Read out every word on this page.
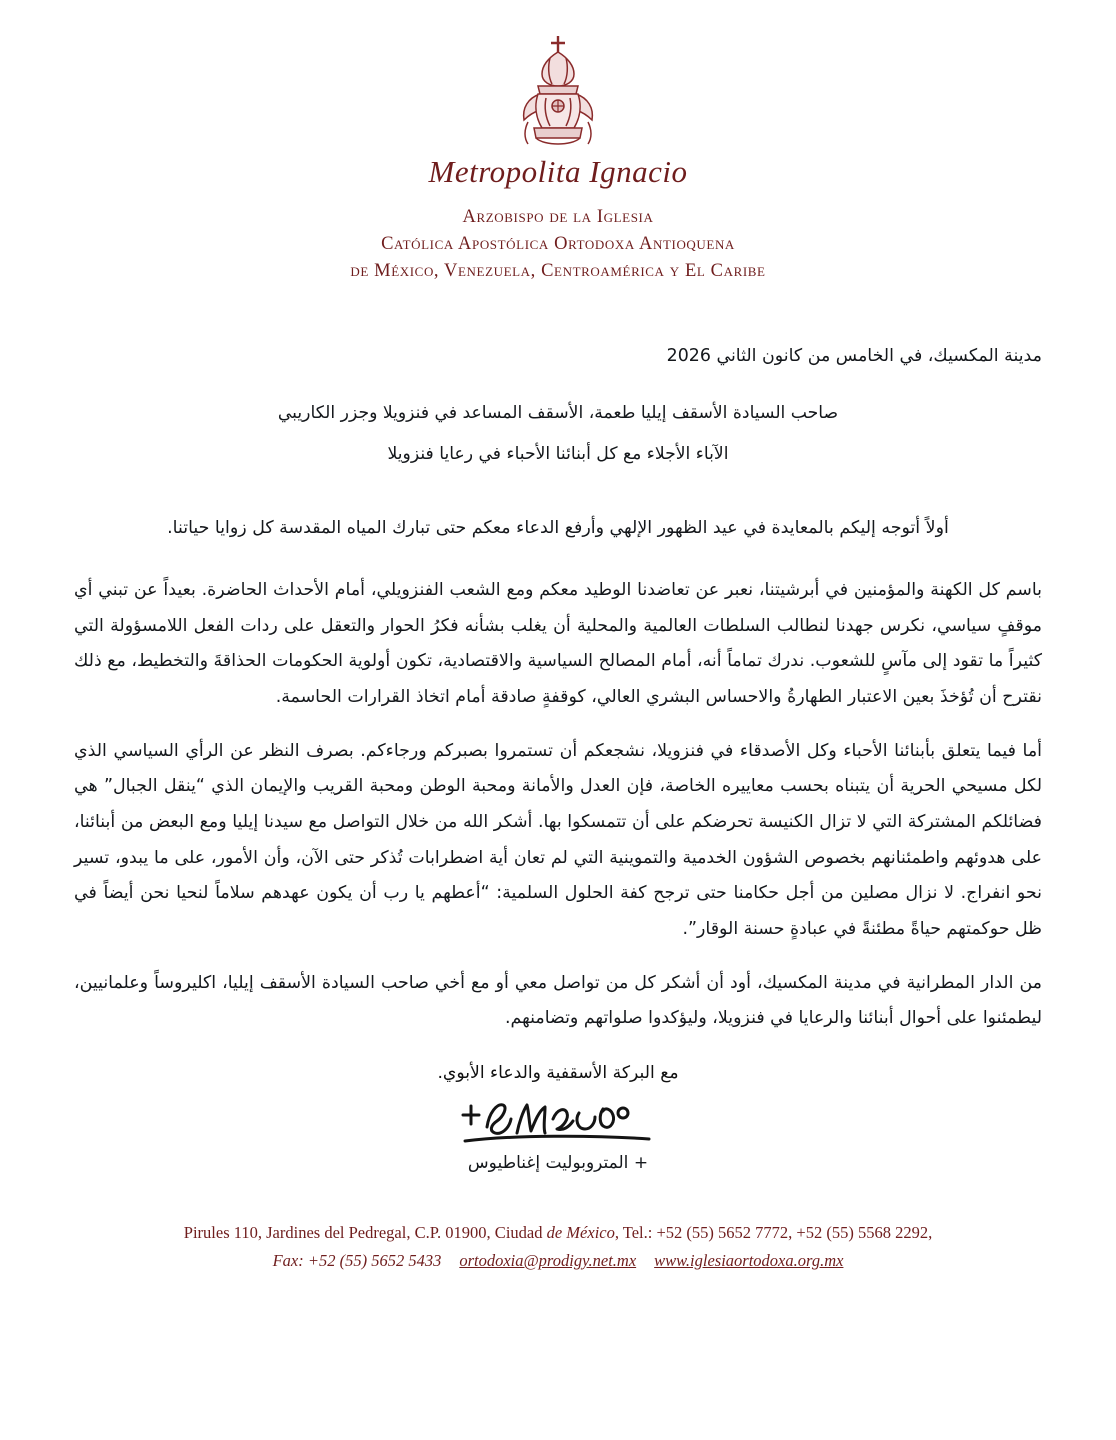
Metropolita Ignacio
Arzobispo de la Iglesia
Católica Apostólica Ortodoxa Antioquena
de México, Venezuela, Centroamérica y El Caribe
مدينة المكسيك، في الخامس من كانون الثاني 2026

صاحب السيادة الأسقف إيليا طعمة، الأسقف المساعد في فنزويلا وجزر الكاريبي

الآباء الأجلاء مع كل أبنائنا الأحباء في رعايا فنزويلا

أولاً أتوجه إليكم بالمعايدة في عيد الظهور الإلهي وأرفع الدعاء معكم حتى تبارك المياه المقدسة كل زوايا حياتنا.

باسم كل الكهنة والمؤمنين في أبرشيتنا، نعبر عن تعاضدنا الوطيد معكم ومع الشعب الفنزويلي، أمام الأحداث الحاضرة. بعيداً عن تبني أي موقفٍ سياسي، نكرس جهدنا لنطالب السلطات العالمية والمحلية أن يغلب بشأنه فكرُ الحوار والتعقل على ردات الفعل اللامسؤولة التي كثيراً ما تقود إلى مآسٍ للشعوب. ندرك تماماً أنه، أمام المصالح السياسية والاقتصادية، تكون أولوية الحكومات الحذاقةَ والتخطيط، مع ذلك نقترح أن تُؤخذَ بعين الاعتبار الطهارةُ والاحساس البشري العالي، كوقفةٍ صادقة أمام اتخاذ القرارات الحاسمة.

أما فيما يتعلق بأبنائنا الأحباء وكل الأصدقاء في فنزويلا، نشجعكم أن تستمروا بصبركم ورجاءكم. بصرف النظر عن الرأي السياسي الذي لكل مسيحي الحرية أن يتبناه بحسب معاييره الخاصة، فإن العدل والأمانة ومحبة الوطن ومحبة القريب والإيمان الذي “ينقل الجبال” هي فضائلكم المشتركة التي لا تزال الكنيسة تحرضكم على أن تتمسكوا بها. أشكر الله من خلال التواصل مع سيدنا إيليا ومع البعض من أبنائنا، على هدوئهم واطمئنانهم بخصوص الشؤون الخدمية والتموينية التي لم تعان أية اضطرابات تُذكر حتى الآن، وأن الأمور، على ما يبدو، تسير نحو انفراج. لا نزال مصلين من أجل حكامنا حتى ترجح كفة الحلول السلمية: “أعطهم يا رب أن يكون عهدهم سلاماً لنحيا نحن أيضاً في ظل حوكمتهم حياةً مطئنةً في عبادةٍ حسنة الوقار”.

من الدار المطرانية في مدينة المكسيك، أود أن أشكر كل من تواصل معي أو مع أخي صاحب السيادة الأسقف إيليا، اكليروساً وعلمانيين، ليطمئنوا على أحوال أبنائنا والرعايا في فنزويلا، وليؤكدوا صلواتهم وتضامنهم.

مع البركة الأسقفية والدعاء الأبوي.
+ المتروبوليت إغناطيوس
Pirules 110, Jardines del Pedregal, C.P. 01900, Ciudad de México, Tel.: +52 (55) 5652 7772, +52 (55) 5568 2292,
Fax: +52 (55) 5652 5433 ortodoxia@prodigy.net.mx www.iglesiaortodoxa.org.mx
